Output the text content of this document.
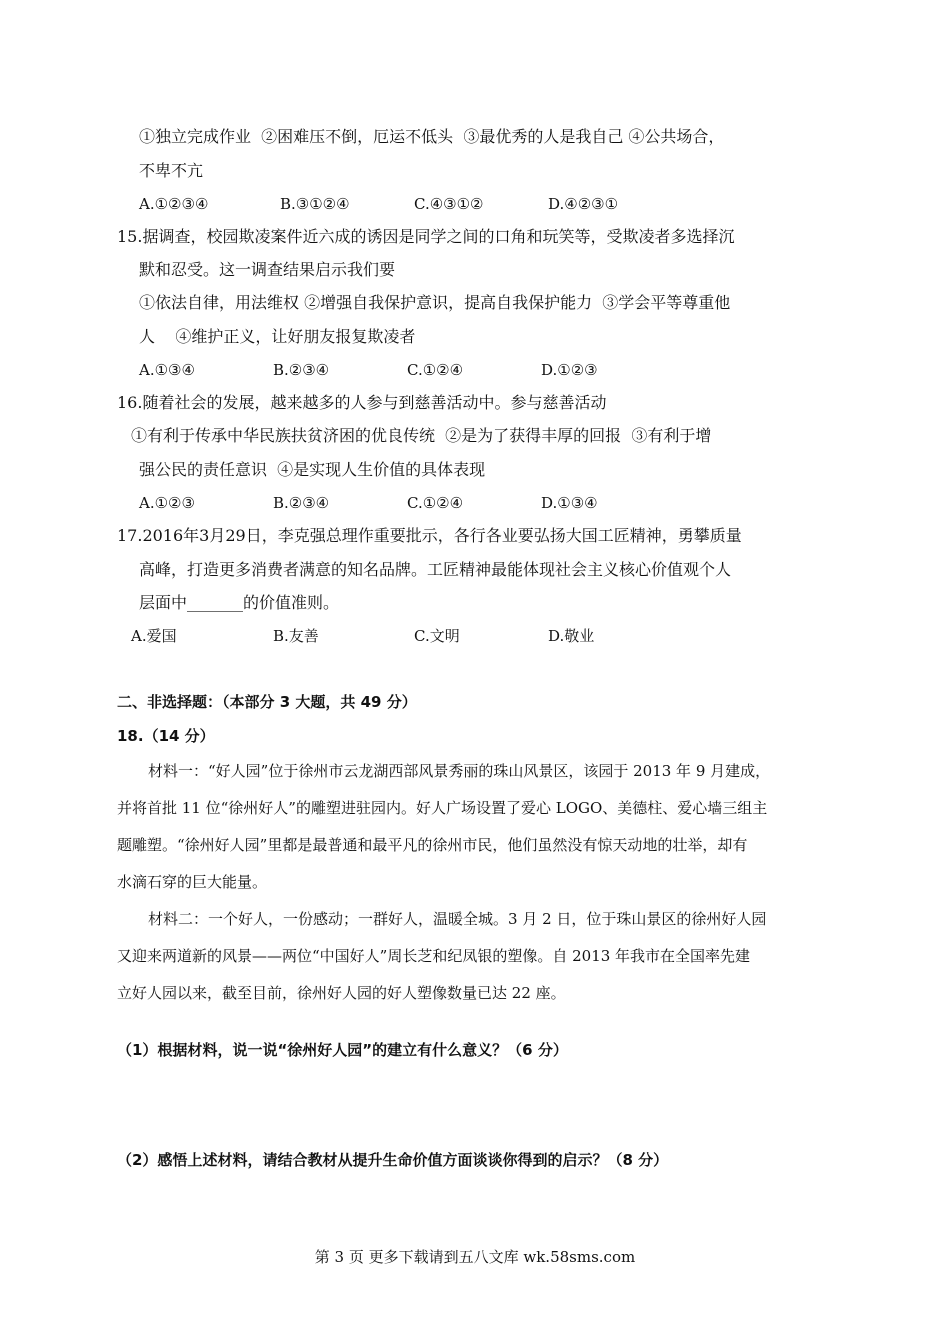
①独立完成作业  ②困难压不倒，厄运不低头  ③最优秀的人是我自己 ④公共场合，
不卑不亢
A.①②③④	B.③①②④	C.④③①②	D.④②③①
15.据调查，校园欺凌案件近六成的诱因是同学之间的口角和玩笑等，受欺凌者多选择沉
默和忍受。这一调查结果启示我们要
①依法自律，用法维权 ②增强自我保护意识，提高自我保护能力  ③学会平等尊重他
人    ④维护正义，让好朋友报复欺凌者
A.①③④	B.②③④	C.①②④	D.①②③
16.随着社会的发展，越来越多的人参与到慈善活动中。参与慈善活动
①有利于传承中华民族扶贫济困的优良传统  ②是为了获得丰厚的回报  ③有利于增
强公民的责任意识  ④是实现人生价值的具体表现
A.①②③	B.②③④	C.①②④	D.①③④
17.2016年3月29日，李克强总理作重要批示，各行各业要弘扬大国工匠精神，勇攀质量
高峰，打造更多消费者满意的知名品牌。工匠精神最能体现社会主义核心价值观个人
层面中_______的价值准则。
A.爱国	B.友善	C.文明	D.敬业
二、非选择题：（本部分 3 大题，共 49 分）
18.（14 分）
材料一：“好人园”位于徐州市云龙湖西部风景秀丽的珠山风景区，该园于 2013 年 9 月建成，
并将首批 11 位“徐州好人”的雕塑进驻园内。好人广场设置了爱心 LOGO、美德柱、爱心墙三组主
题雕塑。“徐州好人园”里都是最普通和最平凡的徐州市民，他们虽然没有惊天动地的壮举，却有
水滴石穿的巨大能量。
材料二：一个好人，一份感动；一群好人，温暖全城。3 月 2 日，位于珠山景区的徐州好人园
又迎来两道新的风景——两位“中国好人”周长芝和纪凤银的塑像。自 2013 年我市在全国率先建
立好人园以来，截至目前，徐州好人园的好人塑像数量已达 22 座。
（1）根据材料，说一说“徐州好人园”的建立有什么意义？（6 分）
（2）感悟上述材料，请结合教材从提升生命价值方面谈谈你得到的启示？（8 分）
第 3 页 更多下载请到五八文库 wk.58sms.com
